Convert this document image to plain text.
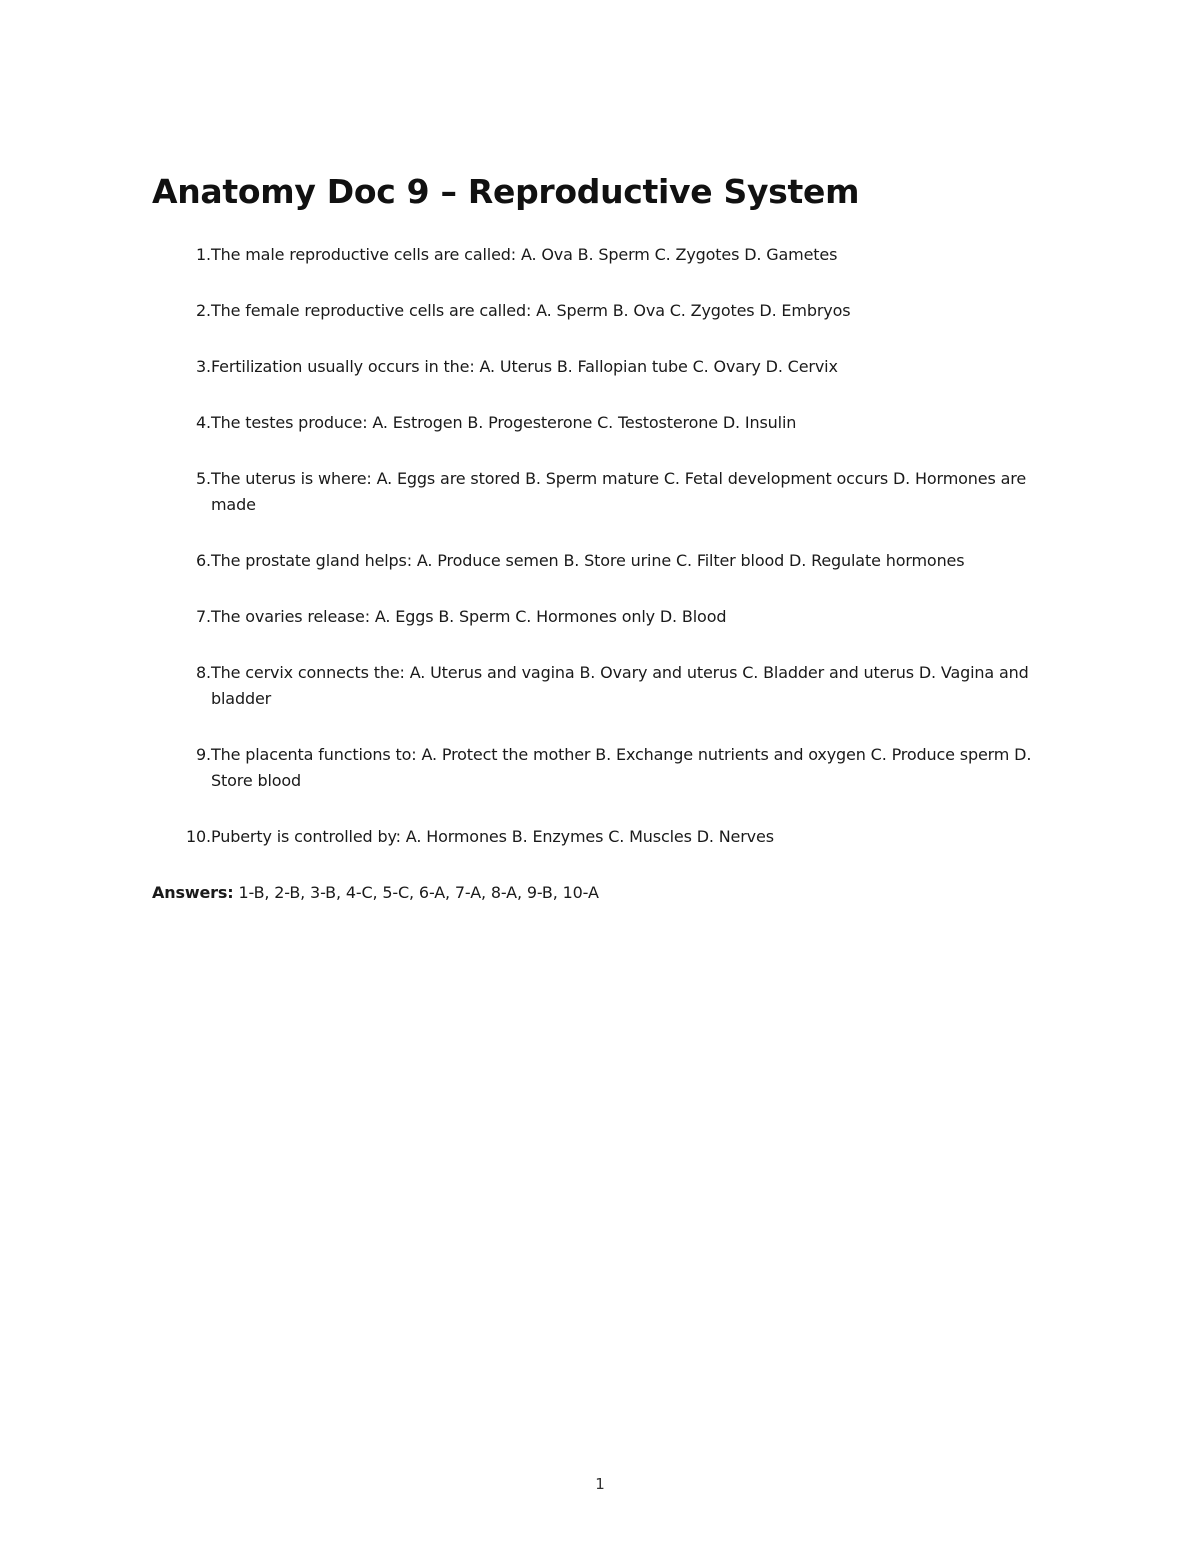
Anatomy Doc 9 – Reproductive System
1. The male reproductive cells are called: A. Ova B. Sperm C. Zygotes D. Gametes
2. The female reproductive cells are called: A. Sperm B. Ova C. Zygotes D. Embryos
3. Fertilization usually occurs in the: A. Uterus B. Fallopian tube C. Ovary D. Cervix
4. The testes produce: A. Estrogen B. Progesterone C. Testosterone D. Insulin
5. The uterus is where: A. Eggs are stored B. Sperm mature C. Fetal development occurs D. Hormones are made
6. The prostate gland helps: A. Produce semen B. Store urine C. Filter blood D. Regulate hormones
7. The ovaries release: A. Eggs B. Sperm C. Hormones only D. Blood
8. The cervix connects the: A. Uterus and vagina B. Ovary and uterus C. Bladder and uterus D. Vagina and bladder
9. The placenta functions to: A. Protect the mother B. Exchange nutrients and oxygen C. Produce sperm D. Store blood
10. Puberty is controlled by: A. Hormones B. Enzymes C. Muscles D. Nerves

Answers: 1-B, 2-B, 3-B, 4-C, 5-C, 6-A, 7-A, 8-A, 9-B, 10-A

1
